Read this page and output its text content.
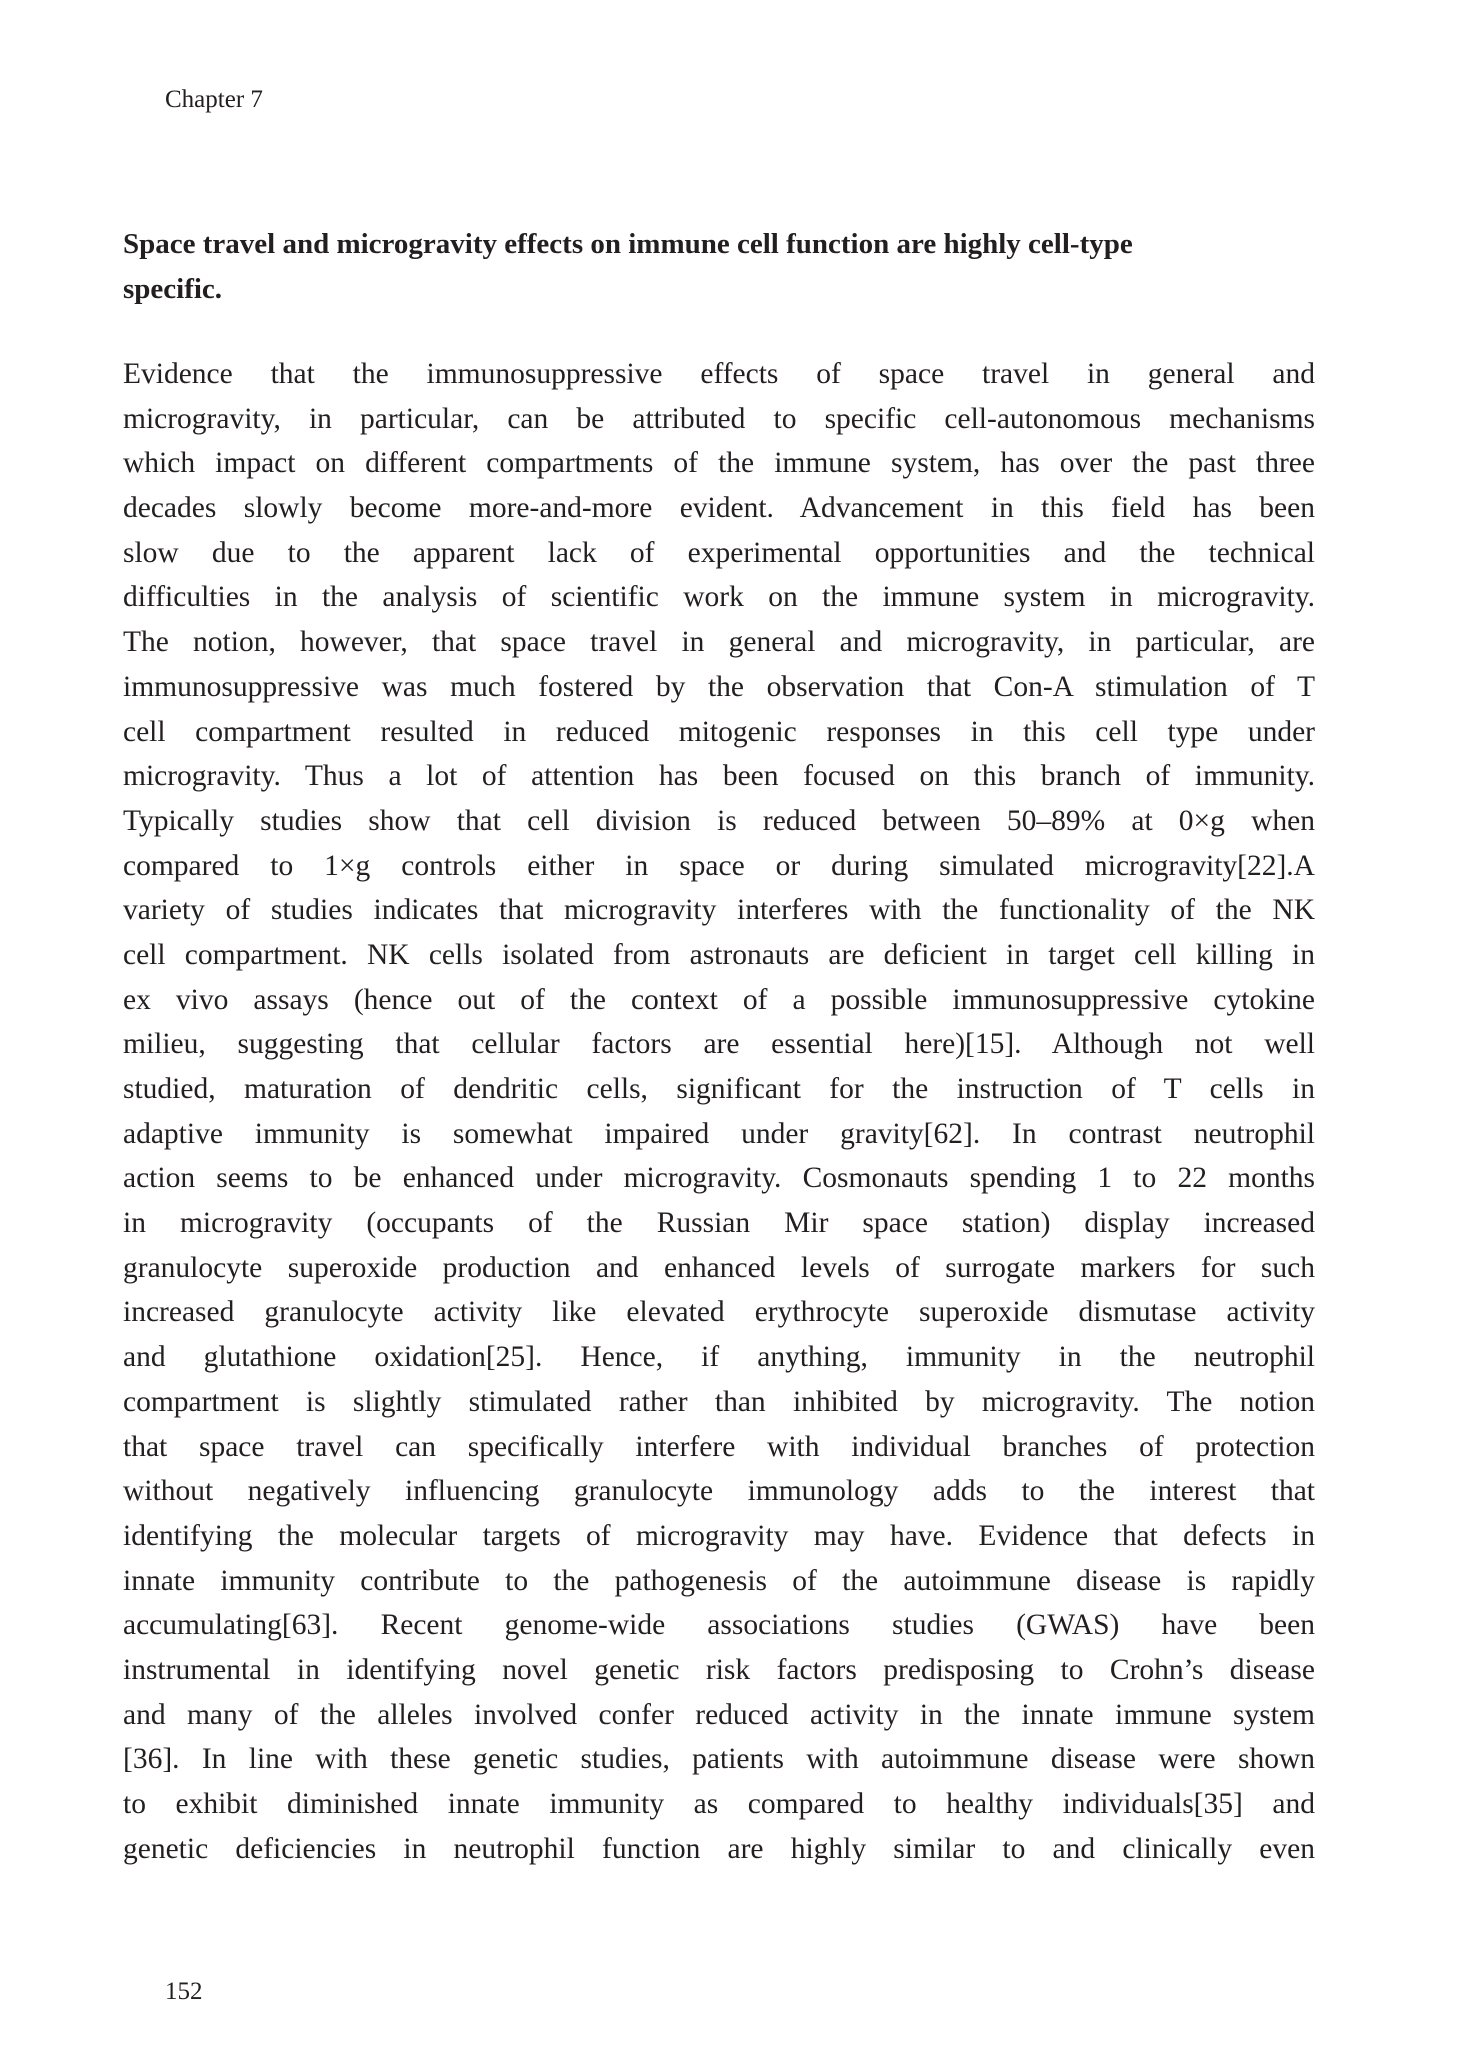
Chapter 7
Space travel and microgravity effects on immune cell function are highly cell-type
specific.
Evidence that the immunosuppressive effects of space travel in general and
microgravity, in particular, can be attributed to specific cell-autonomous mechanisms
which impact on different compartments of the immune system, has over the past three
decades slowly become more-and-more evident. Advancement in this field has been
slow due to the apparent lack of experimental opportunities and the technical
difficulties in the analysis of scientific work on the immune system in microgravity.
The notion, however, that space travel in general and microgravity, in particular, are
immunosuppressive was much fostered by the observation that Con-A stimulation of T
cell compartment resulted in reduced mitogenic responses in this cell type under
microgravity. Thus a lot of attention has been focused on this branch of immunity.
Typically studies show that cell division is reduced between 50–89% at 0×g when
compared to 1×g controls either in space or during simulated microgravity[22].A
variety of studies indicates that microgravity interferes with the functionality of the NK
cell compartment. NK cells isolated from astronauts are deficient in target cell killing in
ex vivo assays (hence out of the context of a possible immunosuppressive cytokine
milieu, suggesting that cellular factors are essential here)[15]. Although not well
studied, maturation of dendritic cells, significant for the instruction of T cells in
adaptive immunity is somewhat impaired under gravity[62]. In contrast neutrophil
action seems to be enhanced under microgravity. Cosmonauts spending 1 to 22 months
in microgravity (occupants of the Russian Mir space station) display increased
granulocyte superoxide production and enhanced levels of surrogate markers for such
increased granulocyte activity like elevated erythrocyte superoxide dismutase activity
and glutathione oxidation[25]. Hence, if anything, immunity in the neutrophil
compartment is slightly stimulated rather than inhibited by microgravity. The notion
that space travel can specifically interfere with individual branches of protection
without negatively influencing granulocyte immunology adds to the interest that
identifying the molecular targets of microgravity may have. Evidence that defects in
innate immunity contribute to the pathogenesis of the autoimmune disease is rapidly
accumulating[63]. Recent genome-wide associations studies (GWAS) have been
instrumental in identifying novel genetic risk factors predisposing to Crohn’s disease
and many of the alleles involved confer reduced activity in the innate immune system
[36]. In line with these genetic studies, patients with autoimmune disease were shown
to exhibit diminished innate immunity as compared to healthy individuals[35] and
genetic deficiencies in neutrophil function are highly similar to and clinically even
152
